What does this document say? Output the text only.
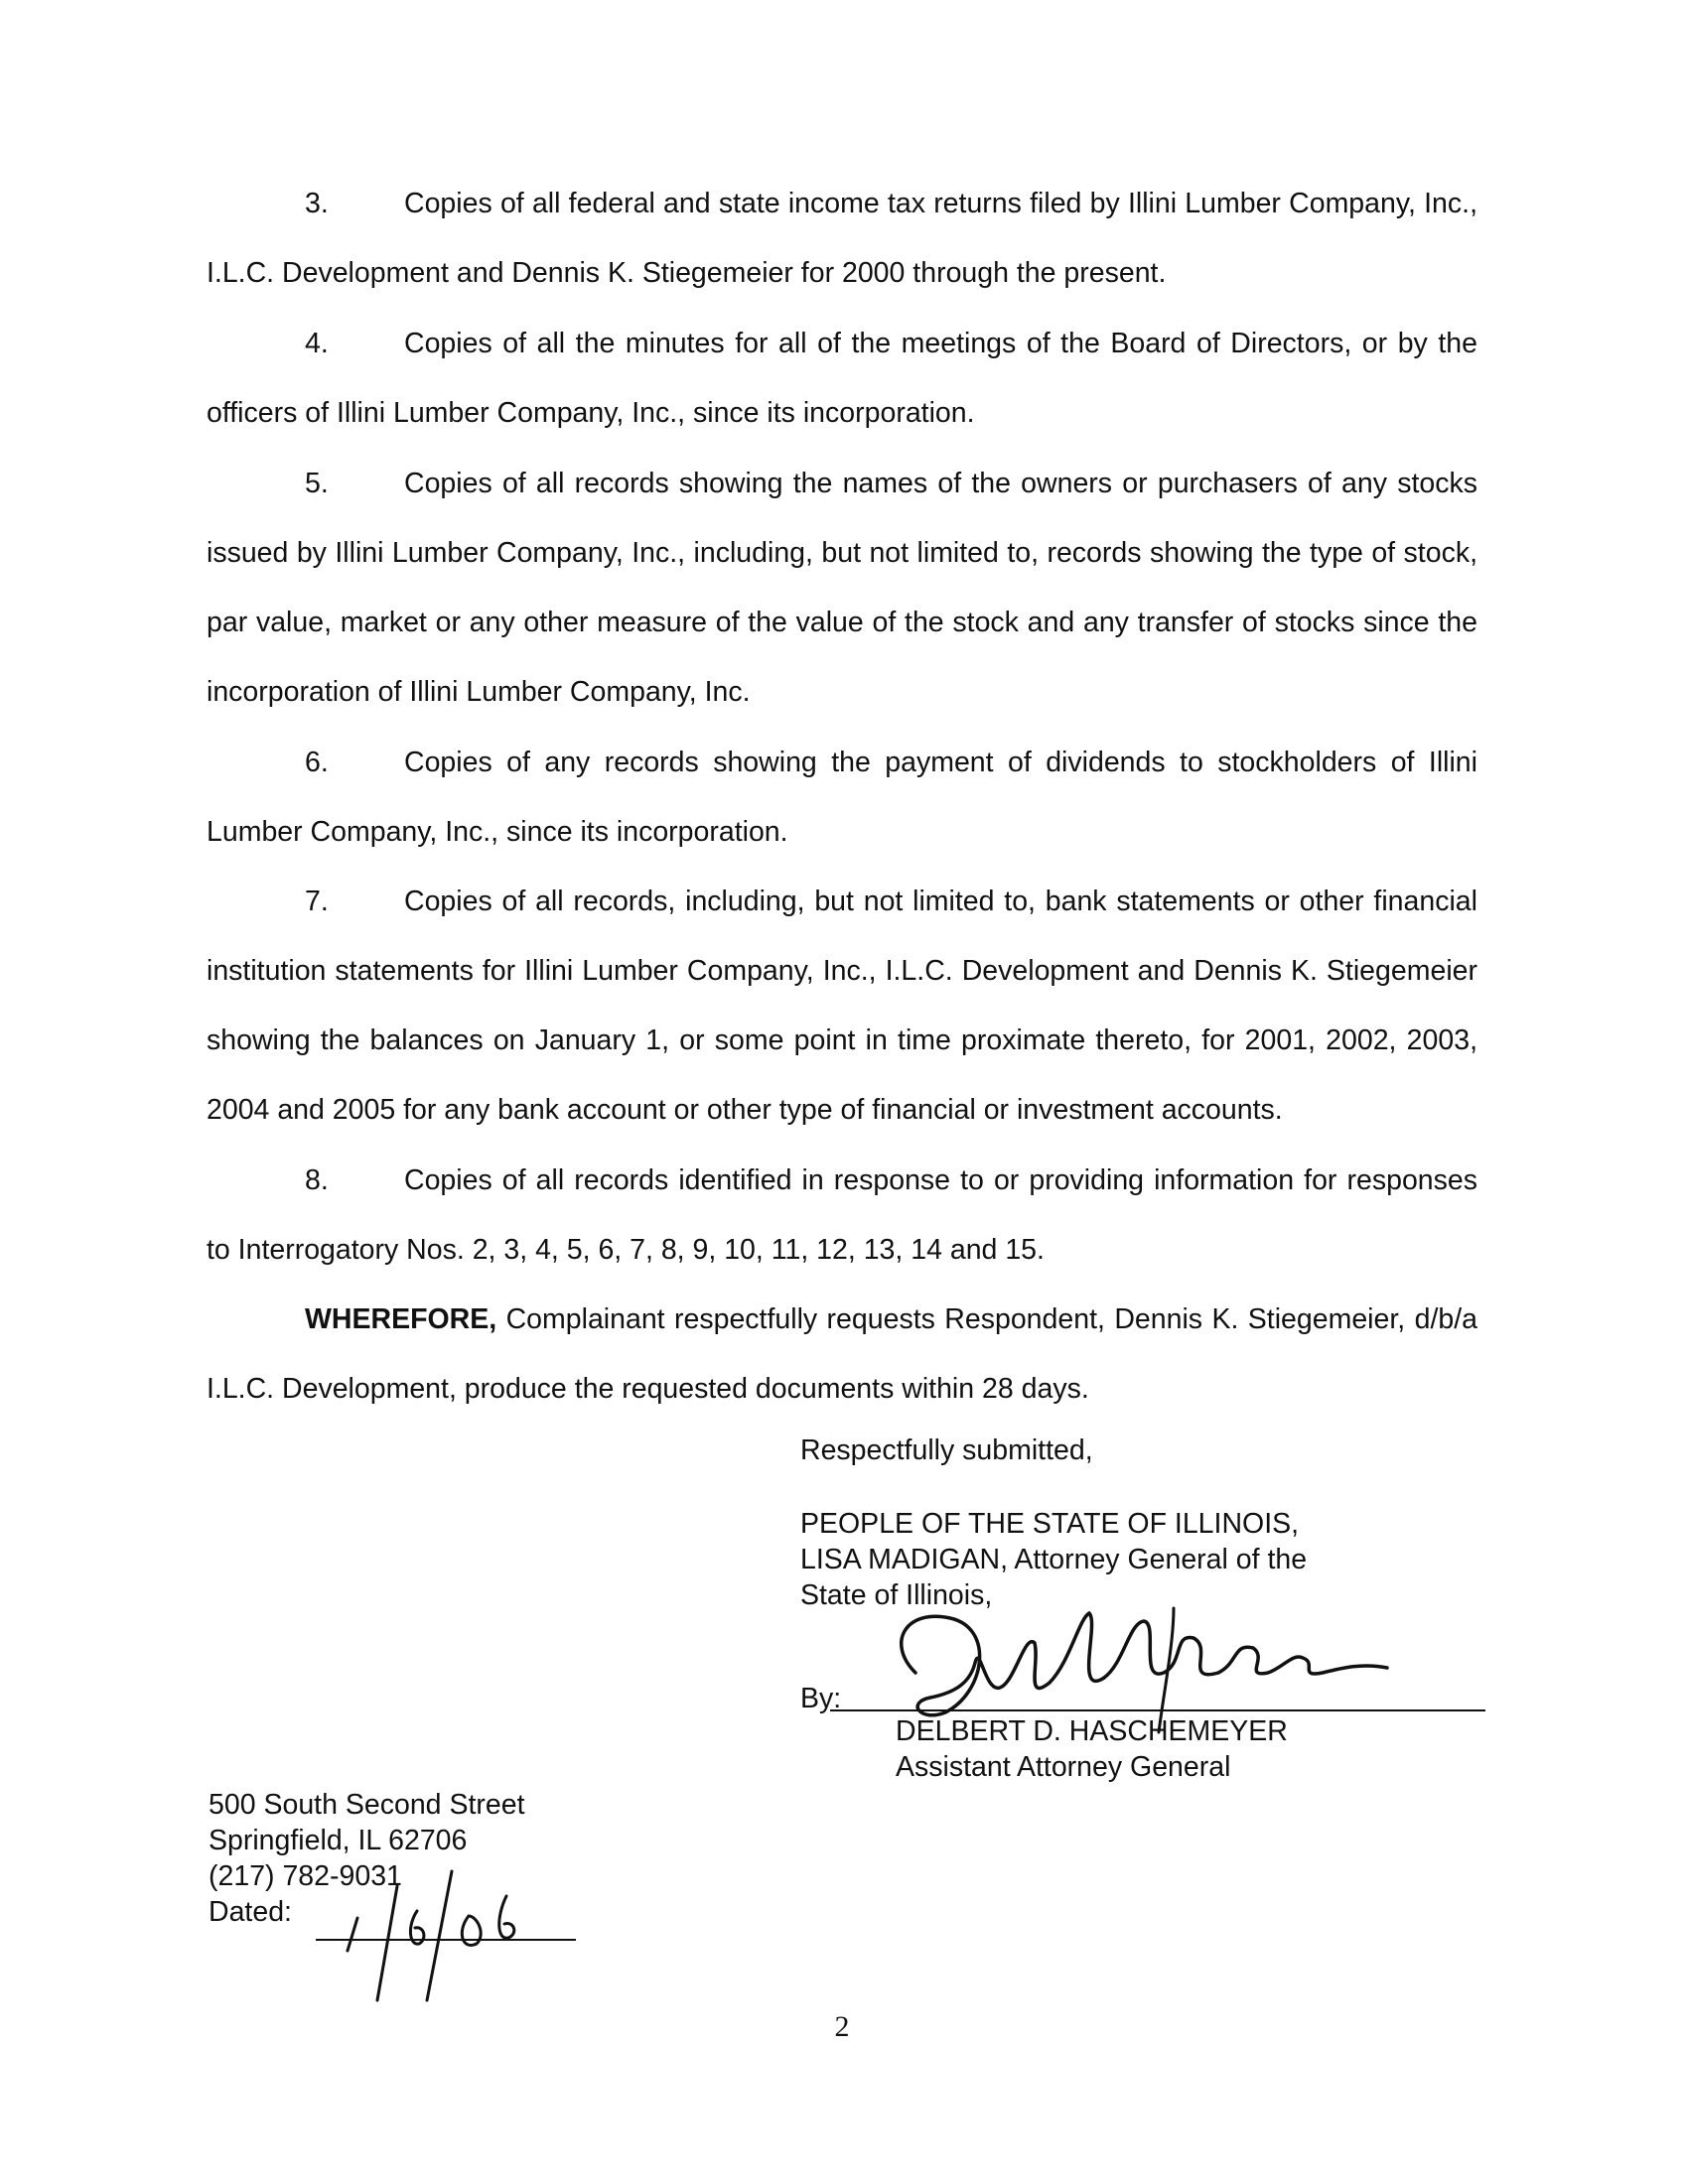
3.	Copies of all federal and state income tax returns filed by Illini Lumber Company, Inc., I.L.C. Development and Dennis K. Stiegemeier for 2000 through the present.
4.	Copies of all the minutes for all of the meetings of the Board of Directors, or by the officers of Illini Lumber Company, Inc., since its incorporation.
5.	Copies of all records showing the names of the owners or purchasers of any stocks issued by Illini Lumber Company, Inc., including, but not limited to, records showing the type of stock, par value, market or any other measure of the value of the stock and any transfer of stocks since the incorporation of Illini Lumber Company, Inc.
6.	Copies of any records showing the payment of dividends to stockholders of Illini Lumber Company, Inc., since its incorporation.
7.	Copies of all records, including, but not limited to, bank statements or other financial institution statements for Illini Lumber Company, Inc., I.L.C. Development and Dennis K. Stiegemeier showing the balances on January 1, or some point in time proximate thereto, for 2001, 2002, 2003, 2004 and 2005 for any bank account or other type of financial or investment accounts.
8.	Copies of all records identified in response to or providing information for responses to Interrogatory Nos. 2, 3, 4, 5, 6, 7, 8, 9, 10, 11, 12, 13, 14 and 15.
WHEREFORE, Complainant respectfully requests Respondent, Dennis K. Stiegemeier, d/b/a I.L.C. Development, produce the requested documents within 28 days.
Respectfully submitted,
PEOPLE OF THE STATE OF ILLINOIS,
LISA MADIGAN, Attorney General of the
State of Illinois,
By:
DELBERT D. HASCHEMEYER
Assistant Attorney General
500 South Second Street
Springfield, IL 62706
(217) 782-9031
Dated:
2
